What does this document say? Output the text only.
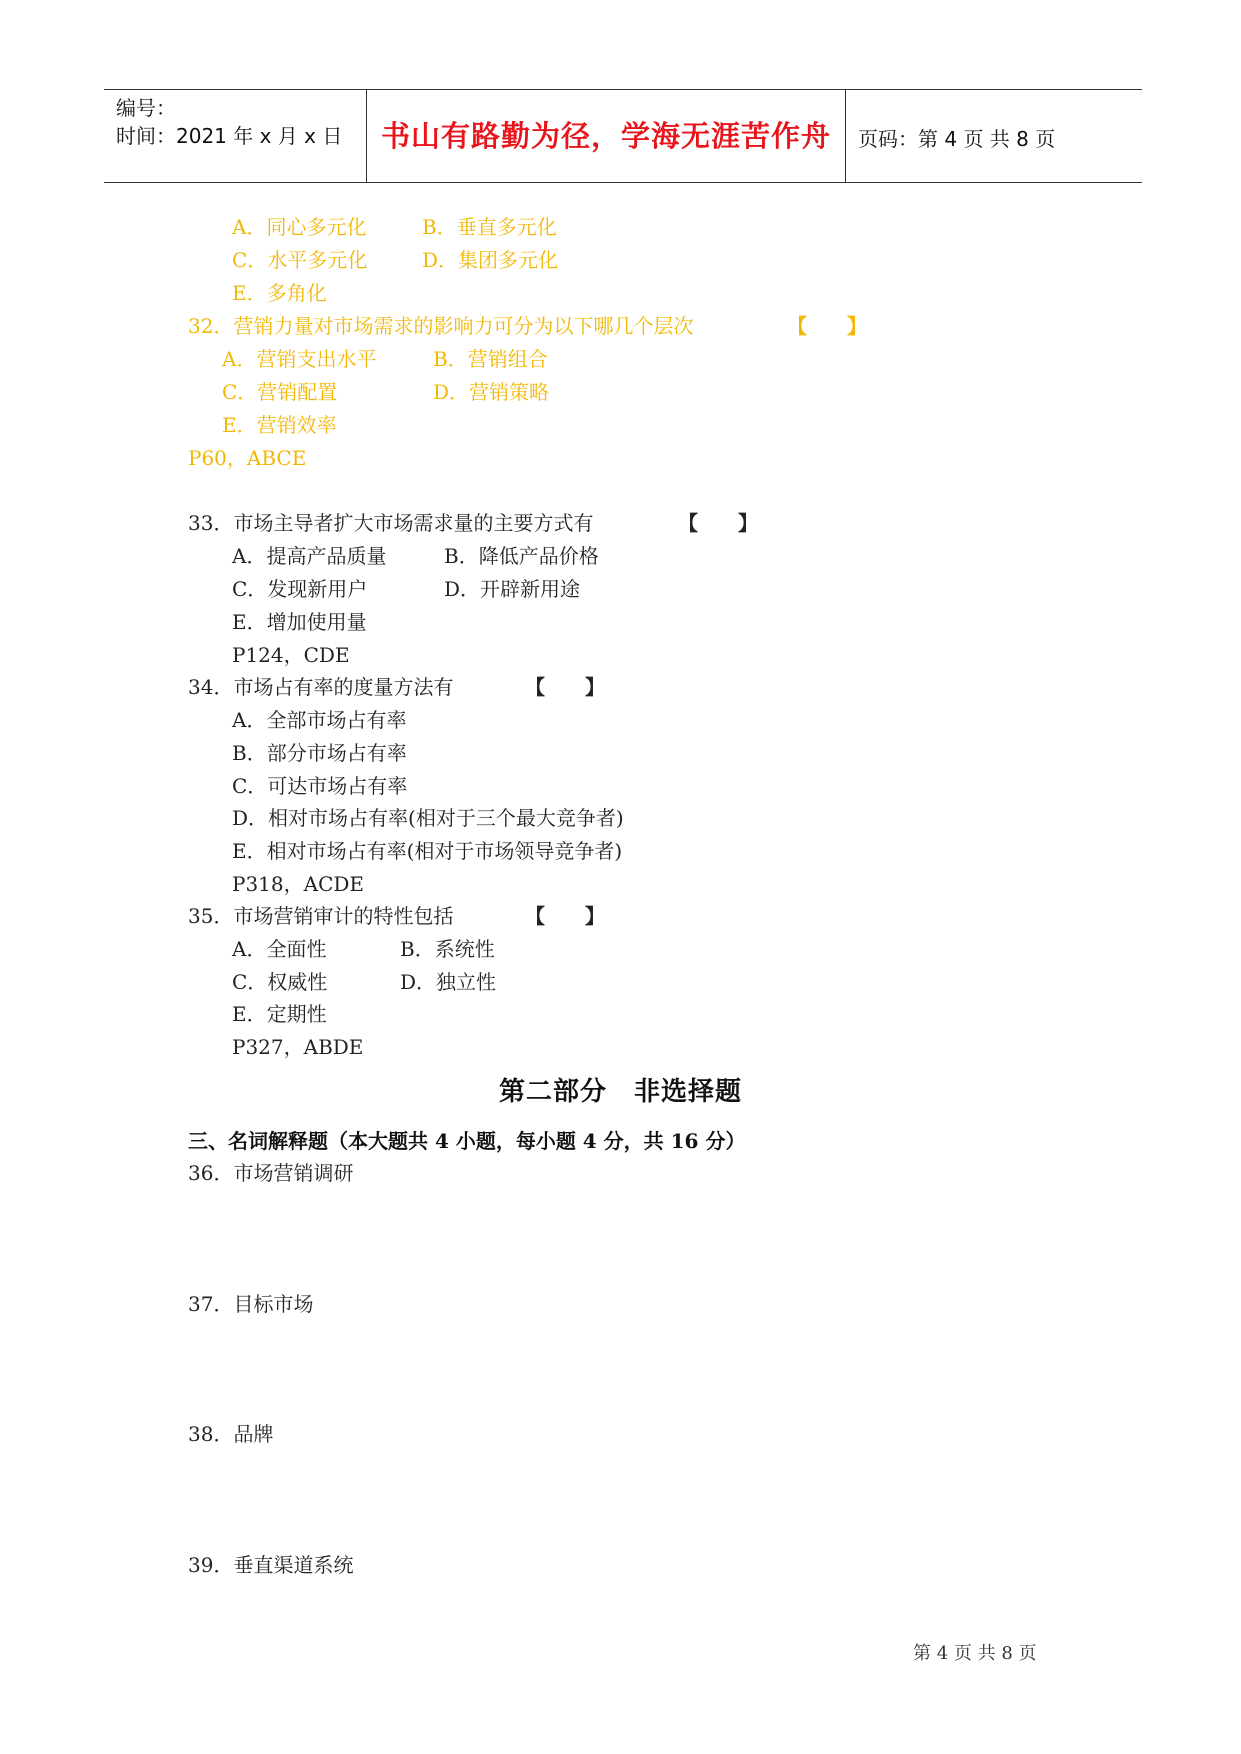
编号：
时间：2021 年 x 月 x 日	书山有路勤为径，学海无涯苦作舟	页码：第 4 页 共 8 页
A．同心多元化	B．垂直多元化
C．水平多元化	D．集团多元化
E．多角化
32．营销力量对市场需求的影响力可分为以下哪几个层次	【　　】
A．营销支出水平	B．营销组合
C．营销配置	D．营销策略
E．营销效率
P60，ABCE
33．市场主导者扩大市场需求量的主要方式有	【　　】
A．提高产品质量	B．降低产品价格
C．发现新用户	D．开辟新用途
E．增加使用量
P124，CDE
34．市场占有率的度量方法有	【　　】
A．全部市场占有率
B．部分市场占有率
C．可达市场占有率
D．相对市场占有率(相对于三个最大竞争者)
E．相对市场占有率(相对于市场领导竞争者)
P318，ACDE
35．市场营销审计的特性包括	【　　】
A．全面性	B．系统性
C．权威性	D．独立性
E．定期性
P327，ABDE
第二部分　非选择题
三、名词解释题（本大题共 4 小题，每小题 4 分，共 16 分）
36．市场营销调研
37．目标市场
38．品牌
39．垂直渠道系统
第 4 页 共 8 页
